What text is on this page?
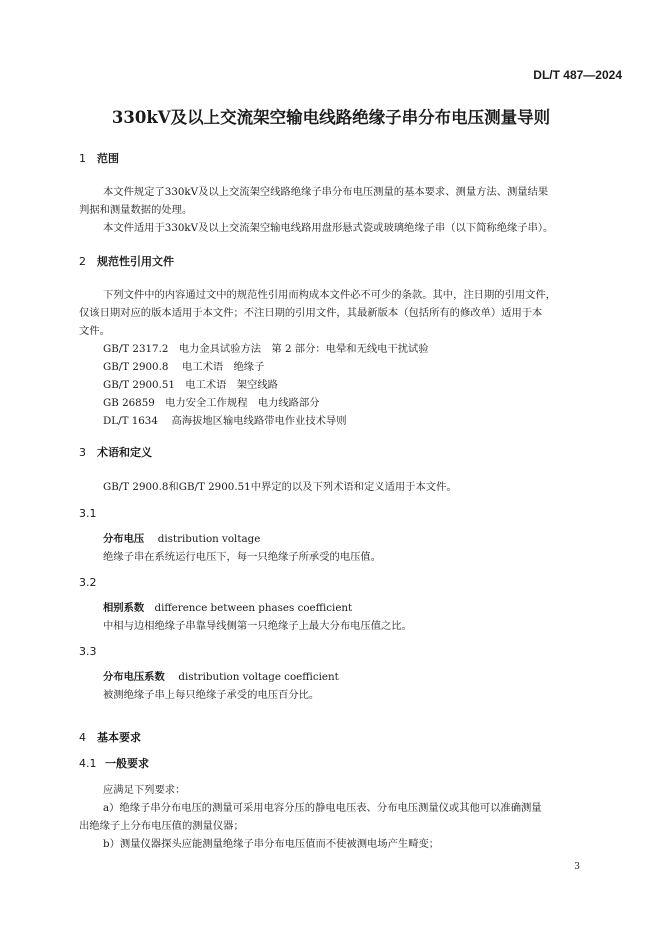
DL/T 487—2024
330kV及以上交流架空输电线路绝缘子串分布电压测量导则
1 范围
本文件规定了330kV及以上交流架空线路绝缘子串分布电压测量的基本要求、测量方法、测量结果
判据和测量数据的处理。
本文件适用于330kV及以上交流架空输电线路用盘形悬式瓷或玻璃绝缘子串（以下简称绝缘子串）。
2 规范性引用文件
下列文件中的内容通过文中的规范性引用而构成本文件必不可少的条款。其中，注日期的引用文件，
仅该日期对应的版本适用于本文件；不注日期的引用文件，其最新版本（包括所有的修改单）适用于本
文件。
GB/T 2317.2　电力金具试验方法　第 2 部分：电晕和无线电干扰试验
GB/T 2900.8　 电工术语　绝缘子
GB/T 2900.51　电工术语　架空线路
GB 26859　电力安全工作规程　电力线路部分
DL/T 1634　 高海拔地区输电线路带电作业技术导则
3 术语和定义
GB/T 2900.8和GB/T 2900.51中界定的以及下列术语和定义适用于本文件。
3.1
分布电压　 distribution voltage
绝缘子串在系统运行电压下，每一只绝缘子所承受的电压值。
3.2
相别系数　 difference between phases coefficient
中相与边相绝缘子串靠导线侧第一只绝缘子上最大分布电压值之比。
3.3
分布电压系数　 distribution voltage coefficient
被测绝缘子串上每只绝缘子承受的电压百分比。
4 基本要求
4.1 一般要求
应满足下列要求：
a）绝缘子串分布电压的测量可采用电容分压的静电电压表、分布电压测量仪或其他可以准确测量
出绝缘子上分布电压值的测量仪器；
b）测量仪器探头应能测量绝缘子串分布电压值而不使被测电场产生畸变；
3
